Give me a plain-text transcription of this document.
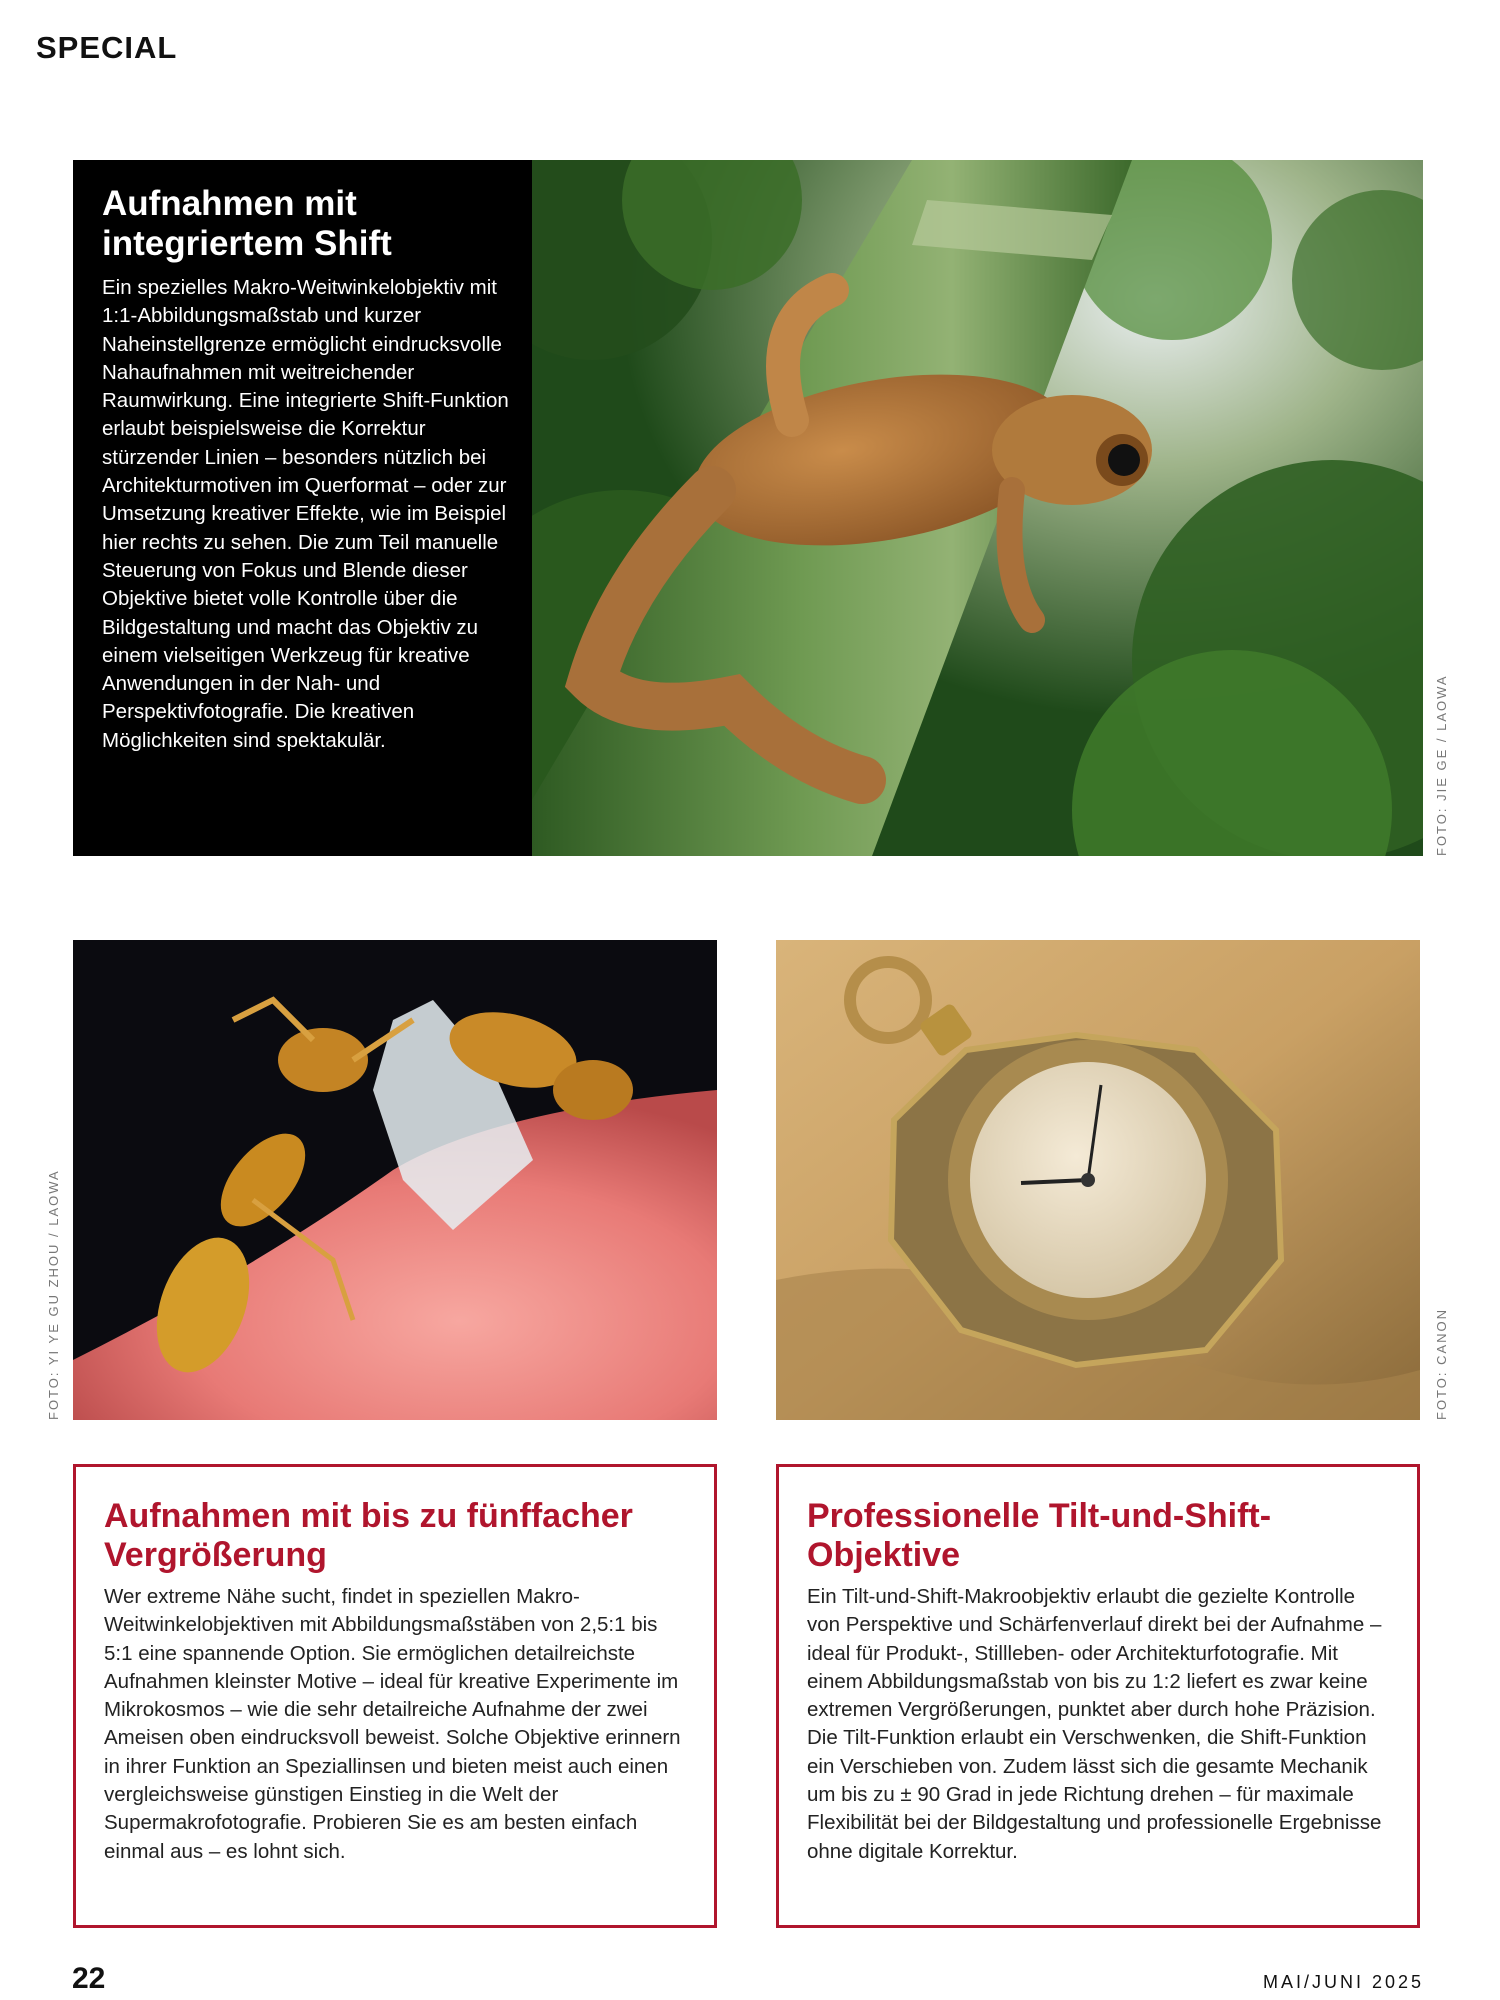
SPECIAL
Aufnahmen mit integriertem Shift

Ein spezielles Makro-Weitwinkelobjektiv mit 1:1-Abbildungsmaßstab und kurzer Naheinstellgrenze ermöglicht eindrucksvolle Nahaufnahmen mit weitreichender Raumwirkung. Eine integrierte Shift-Funktion erlaubt beispielsweise die Korrektur stürzender Linien – besonders nützlich bei Architekturmotiven im Querformat – oder zur Umsetzung kreativer Effekte, wie im Beispiel hier rechts zu sehen. Die zum Teil manuelle Steuerung von Fokus und Blende dieser Objektive bietet volle Kontrolle über die Bildgestaltung und macht das Objektiv zu einem vielseitigen Werkzeug für kreative Anwendungen in der Nah- und Perspektivfotografie. Die kreativen Möglichkeiten sind spektakulär.	FOTO: JIE GE / LAOWA
FOTO: YI YE GU ZHOU / LAOWA	FOTO: CANON
Aufnahmen mit bis zu fünffacher Vergrößerung

Wer extreme Nähe sucht, findet in speziellen Makro-Weitwinkelobjektiven mit Abbildungsmaßstäben von 2,5:1 bis 5:1 eine spannende Option. Sie ermöglichen detailreichste Aufnahmen kleinster Motive – ideal für kreative Experimente im Mikrokosmos – wie die sehr detailreiche Aufnahme der zwei Ameisen oben eindrucksvoll beweist. Solche Objektive erinnern in ihrer Funktion an Speziallinsen und bieten meist auch einen vergleichsweise günstigen Einstieg in die Welt der Supermakrofotografie. Probieren Sie es am besten einfach einmal aus – es lohnt sich.

Professionelle Tilt-und-Shift-Objektive

Ein Tilt-und-Shift-Makroobjektiv erlaubt die gezielte Kontrolle von Perspektive und Schärfenverlauf direkt bei der Aufnahme – ideal für Produkt-, Stillleben- oder Architekturfotografie. Mit einem Abbildungsmaßstab von bis zu 1:2 liefert es zwar keine extremen Vergrößerungen, punktet aber durch hohe Präzision. Die Tilt-Funktion erlaubt ein Verschwenken, die Shift-Funktion ein Verschieben von. Zudem lässt sich die gesamte Mechanik um bis zu ± 90 Grad in jede Richtung drehen – für maximale Flexibilität bei der Bildgestaltung und professionelle Ergebnisse ohne digitale Korrektur.

22	MAI/JUNI 2025
